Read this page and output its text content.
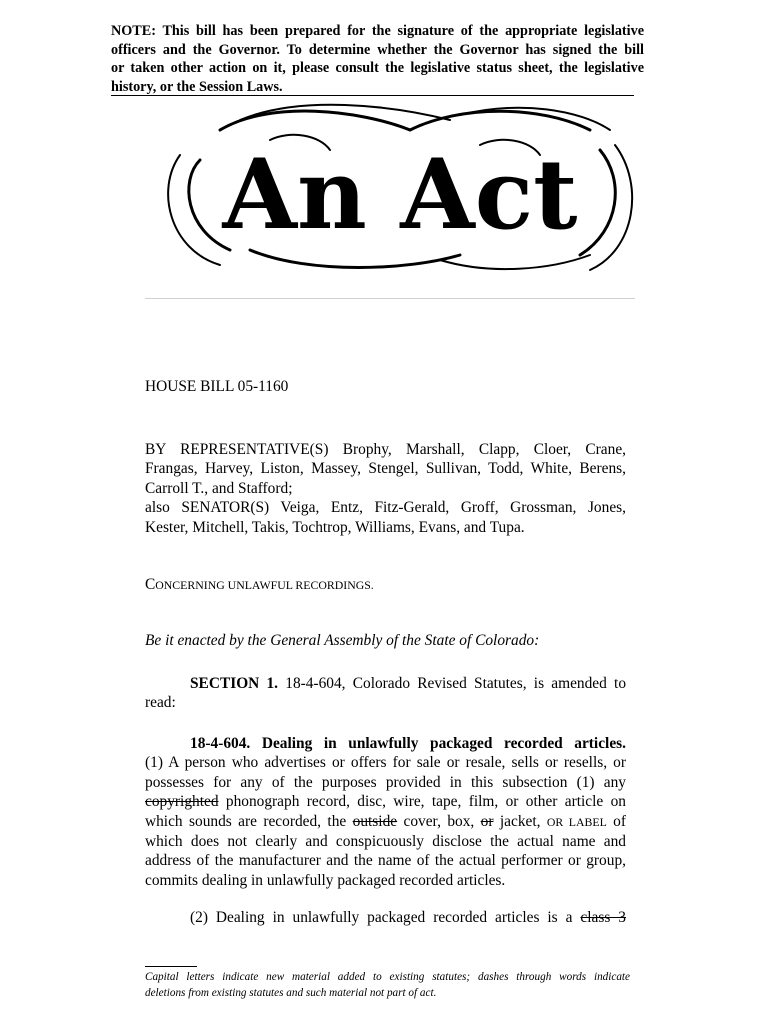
NOTE: This bill has been prepared for the signature of the appropriate legislative
officers and the Governor. To determine whether the Governor has signed the bill
or taken other action on it, please consult the legislative status sheet, the legislative
history, or the Session Laws.
An Act
HOUSE BILL 05-1160
BY REPRESENTATIVE(S) Brophy, Marshall, Clapp, Cloer, Crane,
Frangas, Harvey, Liston, Massey, Stengel, Sullivan, Todd, White, Berens,
Carroll T., and Stafford;
also SENATOR(S) Veiga, Entz, Fitz-Gerald, Groff, Grossman, Jones,
Kester, Mitchell, Takis, Tochtrop, Williams, Evans, and Tupa.
CONCERNING UNLAWFUL RECORDINGS.
Be it enacted by the General Assembly of the State of Colorado:
SECTION 1. 18-4-604, Colorado Revised Statutes, is amended to
read:
18-4-604. Dealing in unlawfully packaged recorded articles.
(1) A person who advertises or offers for sale or resale, sells or resells, or
possesses for any of the purposes provided in this subsection (1) any
copyrighted phonograph record, disc, wire, tape, film, or other article on
which sounds are recorded, the outside cover, box, or jacket, OR LABEL of
which does not clearly and conspicuously disclose the actual name and
address of the manufacturer and the name of the actual performer or group,
commits dealing in unlawfully packaged recorded articles.
(2) Dealing in unlawfully packaged recorded articles is a class 3
Capital letters indicate new material added to existing statutes; dashes through words indicate
deletions from existing statutes and such material not part of act.
